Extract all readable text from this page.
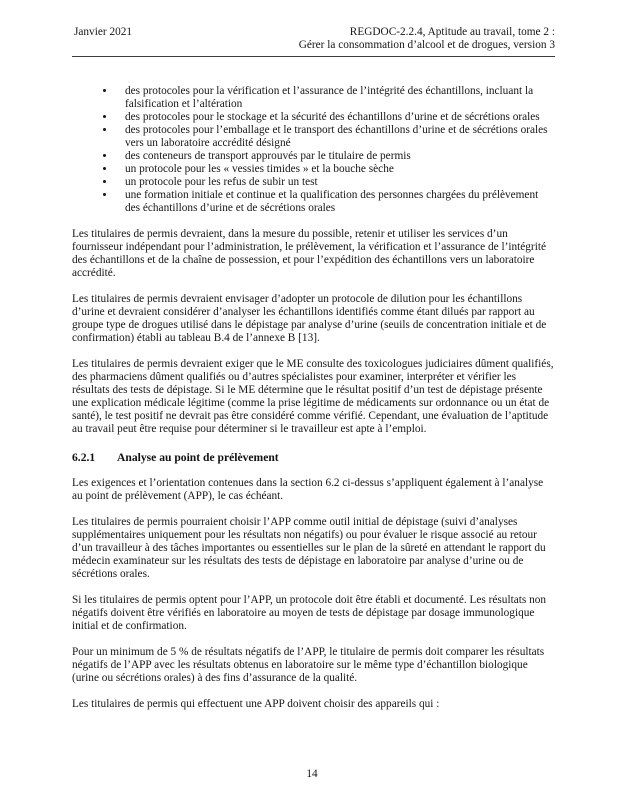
Janvier 2021	REGDOC-2.2.4, Aptitude au travail, tome 2 :
Gérer la consommation d’alcool et de drogues, version 3
• des protocoles pour la vérification et l’assurance de l’intégrité des échantillons, incluant la falsification et l’altération
• des protocoles pour le stockage et la sécurité des échantillons d’urine et de sécrétions orales
• des protocoles pour l’emballage et le transport des échantillons d’urine et de sécrétions orales vers un laboratoire accrédité désigné
• des conteneurs de transport approuvés par le titulaire de permis
• un protocole pour les « vessies timides » et la bouche sèche
• un protocole pour les refus de subir un test
• une formation initiale et continue et la qualification des personnes chargées du prélèvement des échantillons d’urine et de sécrétions orales

Les titulaires de permis devraient, dans la mesure du possible, retenir et utiliser les services d’un fournisseur indépendant pour l’administration, le prélèvement, la vérification et l’assurance de l’intégrité des échantillons et de la chaîne de possession, et pour l’expédition des échantillons vers un laboratoire accrédité.

Les titulaires de permis devraient envisager d’adopter un protocole de dilution pour les échantillons d’urine et devraient considérer d’analyser les échantillons identifiés comme étant dilués par rapport au groupe type de drogues utilisé dans le dépistage par analyse d’urine (seuils de concentration initiale et de confirmation) établi au tableau B.4 de l’annexe B [13].

Les titulaires de permis devraient exiger que le ME consulte des toxicologues judiciaires dûment qualifiés, des pharmaciens dûment qualifiés ou d’autres spécialistes pour examiner, interpréter et vérifier les résultats des tests de dépistage. Si le ME détermine que le résultat positif d’un test de dépistage présente une explication médicale légitime (comme la prise légitime de médicaments sur ordonnance ou un état de santé), le test positif ne devrait pas être considéré comme vérifié. Cependant, une évaluation de l’aptitude au travail peut être requise pour déterminer si le travailleur est apte à l’emploi.

6.2.1	Analyse au point de prélèvement

Les exigences et l’orientation contenues dans la section 6.2 ci-dessus s’appliquent également à l’analyse au point de prélèvement (APP), le cas échéant.

Les titulaires de permis pourraient choisir l’APP comme outil initial de dépistage (suivi d’analyses supplémentaires uniquement pour les résultats non négatifs) ou pour évaluer le risque associé au retour d’un travailleur à des tâches importantes ou essentielles sur le plan de la sûreté en attendant le rapport du médecin examinateur sur les résultats des tests de dépistage en laboratoire par analyse d’urine ou de sécrétions orales.

Si les titulaires de permis optent pour l’APP, un protocole doit être établi et documenté. Les résultats non négatifs doivent être vérifiés en laboratoire au moyen de tests de dépistage par dosage immunologique initial et de confirmation.

Pour un minimum de 5 % de résultats négatifs de l’APP, le titulaire de permis doit comparer les résultats négatifs de l’APP avec les résultats obtenus en laboratoire sur le même type d’échantillon biologique (urine ou sécrétions orales) à des fins d’assurance de la qualité.

Les titulaires de permis qui effectuent une APP doivent choisir des appareils qui :

14
